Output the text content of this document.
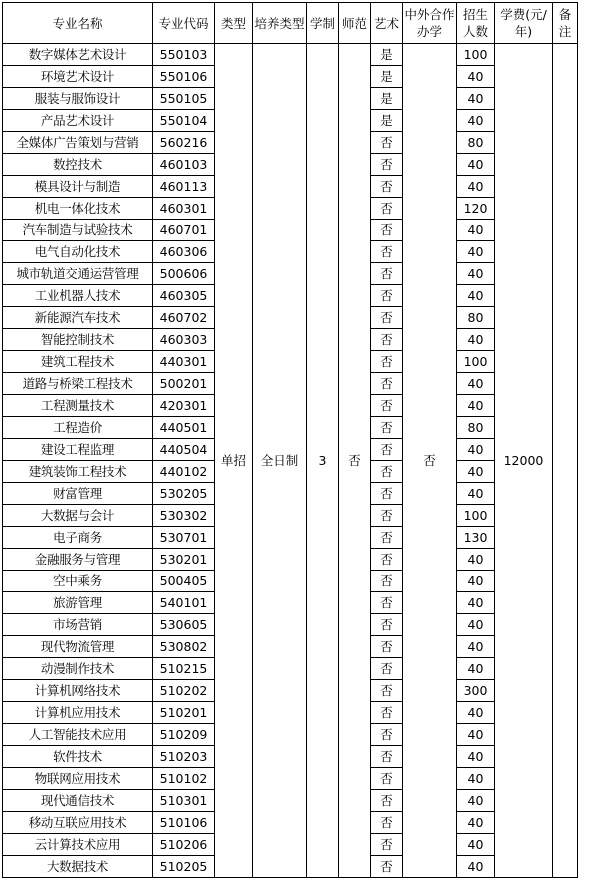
专业名称	专业代码	类型	培养类型	学制	师范	艺术	中外合作办学	招生人数	学费(元/年)	备注
数字媒体艺术设计	550103	单招	全日制	3	否	是	否	100	12000	
环境艺术设计	550106					是		40		
服装与服饰设计	550105					是		40		
产品艺术设计	550104					是		40		
全媒体广告策划与营销	560216					否		80		
数控技术	460103					否		40		
模具设计与制造	460113					否		40		
机电一体化技术	460301					否		120		
汽车制造与试验技术	460701					否		40		
电气自动化技术	460306					否		40		
城市轨道交通运营管理	500606					否		40		
工业机器人技术	460305					否		40		
新能源汽车技术	460702					否		80		
智能控制技术	460303					否		40		
建筑工程技术	440301					否		100		
道路与桥梁工程技术	500201					否		40		
工程测量技术	420301					否		40		
工程造价	440501					否		80		
建设工程监理	440504					否		40		
建筑装饰工程技术	440102					否		40		
财富管理	530205					否		40		
大数据与会计	530302					否		100		
电子商务	530701					否		130		
金融服务与管理	530201					否		40		
空中乘务	500405					否		40		
旅游管理	540101					否		40		
市场营销	530605					否		40		
现代物流管理	530802					否		40		
动漫制作技术	510215					否		40		
计算机网络技术	510202					否		300		
计算机应用技术	510201					否		40		
人工智能技术应用	510209					否		40		
软件技术	510203					否		40		
物联网应用技术	510102					否		40		
现代通信技术	510301					否		40		
移动互联应用技术	510106					否		40		
云计算技术应用	510206					否		40		
大数据技术	510205					否		40		
